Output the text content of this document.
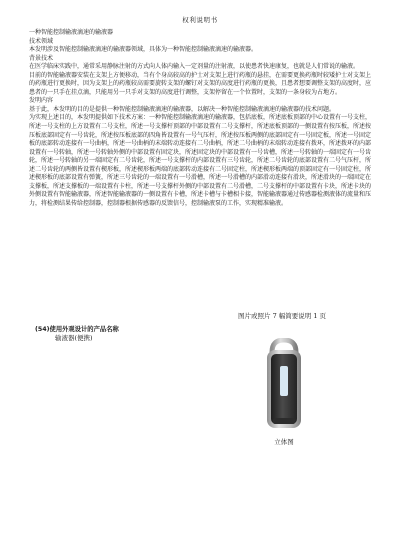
权利说明书

一种智能控制输液滴速的输液器

技术领域

本发明涉及智能控制输液滴速的输液器领域，具体为一种智能控制输液滴速的输液器。

背景技术

在医学临床实践中，通常采用静脉注射的方式向人体内输入一定剂量的注射液，以使患者快速康复，也就是人们常说的输液。

目前的智能输液器安装在支架上方便移动，当有个身高较高的护士对支架上进行药瓶的悬挂，在需要更换药瓶时较矮护士对支架上的药瓶进行更换时，因为支架上的药瓶较高需要旋转支架的螺钉对支架的高度进行药瓶的更换，且患者想要调整支架的高度时，应患者的一只手在挂点滴，只能用另一只手对支架的高度进行调整，支架停留在一个位置时，支架的一条身较为占地方。

发明内容

基于此，本发明的目的是提供一种智能控制输液滴速的输液器，以解决一种智能控制输液滴速的输液器的技术问题。

为实现上述目的，本发明提供如下技术方案：一种智能控制输液滴速的输液器，包括底板，所述底板顶部的中心设置有一号支柱，所述一号支柱的上方设置有二号支柱，所述一号支撑杆顶部的中部设置有二号支撑杆，所述底板顶部的一侧设置有按压板，所述按压板底部固定有一号齿轮，所述按压板底部的四角皆设置有一号气压杆，所述按压板两侧的底部固定有一号固定板，所述一号固定板的底部转动连接有一号曲柄，所述一号曲柄的末端转动连接有二号曲柄，所述二号曲柄的末端转动连接有拨环，所述拨环的内部设置有一号转轴，所述一号转轴外侧的中部设置有固定块，所述固定块的中部设置有一号齿槽，所述一号转轴的一端固定有一号齿轮，所述一号转轴的另一端固定有二号齿轮，所述一号支撑杆的内部设置有三号齿轮，所述二号齿轮的底部设置有二号气压杆，所述二号齿轮的两侧皆设置有楔形板，所述楔形板两端的底部转动连接有二号固定柱，所述楔形板两端的顶部固定有一号固定柱，所述楔形板的底部设置有弹簧，所述三号齿轮的一端设置有一号滑槽，所述一号滑槽的内部滑动连接有滑块，所述滑块的一端固定在支撑板，所述支撑板的一端设置有卡柱，所述一号支撑杆外侧的中部设置有二号滑槽，二号支撑杆的中部设置有卡块，所述卡块的外侧设置有智能输液器，所述智能输液器的一侧设置有卡槽，所述卡槽与卡槽相卡接，智能输液器通过传感器检测液体的流量和压力，将检测结果传给控制器，控制器根据传感器的反馈信号，控制输液泵的工作，实现精准输液。

图片或照片 7 幅简要说明 1 页
(54)使用外观设计的产品名称
输液器(便携)
立体图
